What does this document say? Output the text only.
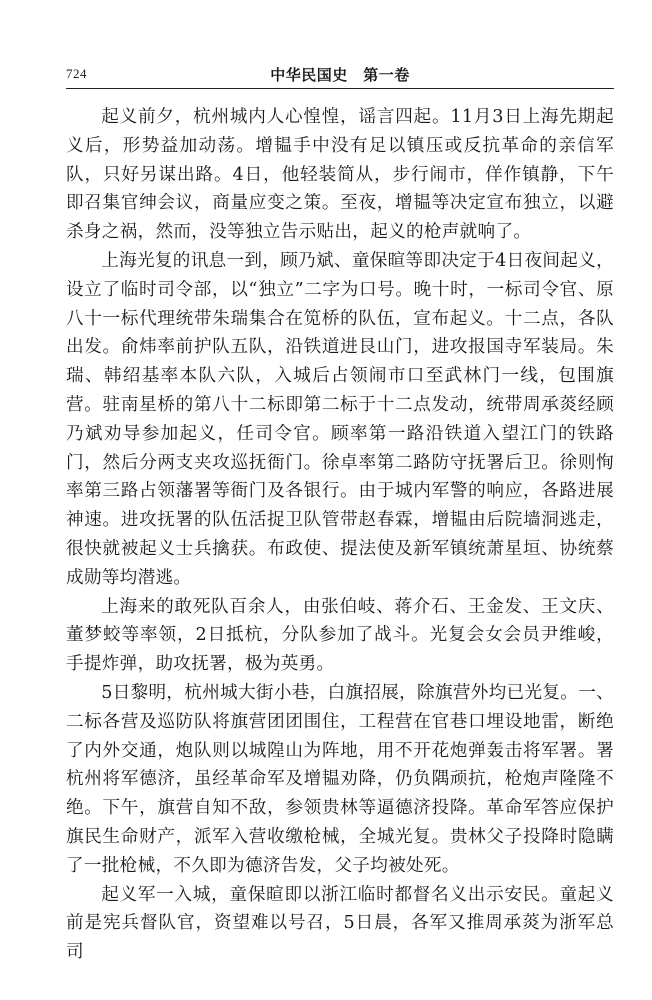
724	中华民国史　第一卷

起义前夕，杭州城内人心惶惶，谣言四起。11月3日上海先期起义后，形势益加动荡。增韫手中没有足以镇压或反抗革命的亲信军队，只好另谋出路。4日，他轻装简从，步行闹市，佯作镇静，下午即召集官绅会议，商量应变之策。至夜，增韫等决定宣布独立，以避杀身之祸，然而，没等独立告示贴出，起义的枪声就响了。

上海光复的讯息一到，顾乃斌、童保暄等即决定于4日夜间起义，设立了临时司令部，以“独立”二字为口号。晚十时，一标司令官、原八十一标代理统带朱瑞集合在笕桥的队伍，宣布起义。十二点，各队出发。俞炜率前护队五队，沿铁道进艮山门，进攻报国寺军装局。朱瑞、韩绍基率本队六队，入城后占领闹市口至武林门一线，包围旗营。驻南星桥的第八十二标即第二标于十二点发动，统带周承菼经顾乃斌劝导参加起义，任司令官。顾率第一路沿铁道入望江门的铁路门，然后分两支夹攻巡抚衙门。徐卓率第二路防守抚署后卫。徐则恂率第三路占领藩署等衙门及各银行。由于城内军警的响应，各路进展神速。进攻抚署的队伍活捉卫队管带赵春霖，增韫由后院墙洞逃走，很快就被起义士兵擒获。布政使、提法使及新军镇统萧星垣、协统蔡成勋等均潜逃。

上海来的敢死队百余人，由张伯岐、蒋介石、王金发、王文庆、董梦蛟等率领，2日抵杭，分队参加了战斗。光复会女会员尹维峻，手提炸弹，助攻抚署，极为英勇。

5日黎明，杭州城大街小巷，白旗招展，除旗营外均已光复。一、二标各营及巡防队将旗营团团围住，工程营在官巷口埋设地雷，断绝了内外交通，炮队则以城隍山为阵地，用不开花炮弹轰击将军署。署杭州将军德济，虽经革命军及增韫劝降，仍负隅顽抗，枪炮声隆隆不绝。下午，旗营自知不敌，参领贵林等逼德济投降。革命军答应保护旗民生命财产，派军入营收缴枪械，全城光复。贵林父子投降时隐瞒了一批枪械，不久即为德济告发，父子均被处死。

起义军一入城，童保暄即以浙江临时都督名义出示安民。童起义前是宪兵督队官，资望难以号召，5日晨，各军又推周承菼为浙军总司
